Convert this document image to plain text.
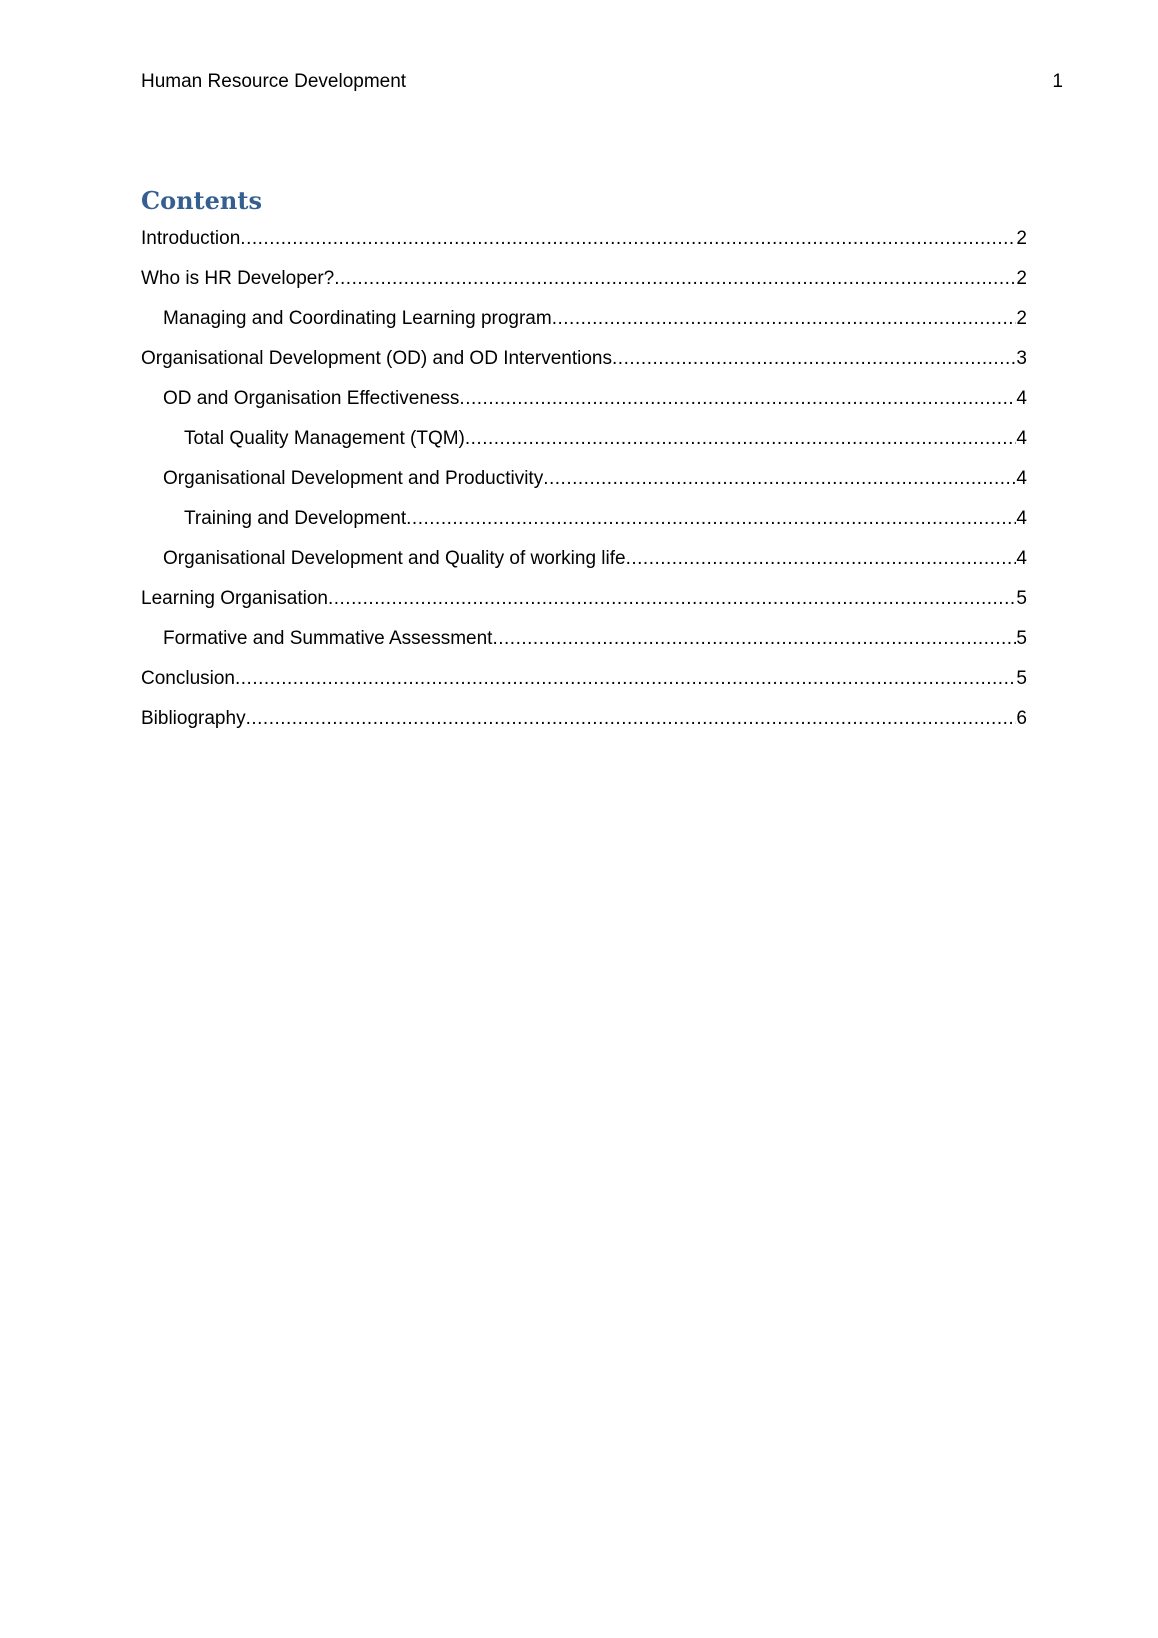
Human Resource Development	1
Contents
Introduction .....	2
Who is HR Developer? .....	2
Managing and Coordinating Learning program .....	2
Organisational Development (OD) and OD Interventions .....	3
OD and Organisation Effectiveness .....	4
Total Quality Management (TQM) .....	4
Organisational Development and Productivity .....	4
Training and Development .....	4
Organisational Development and Quality of working life .....	4
Learning Organisation .....	5
Formative and Summative Assessment .....	5
Conclusion .....	5
Bibliography .....	6
